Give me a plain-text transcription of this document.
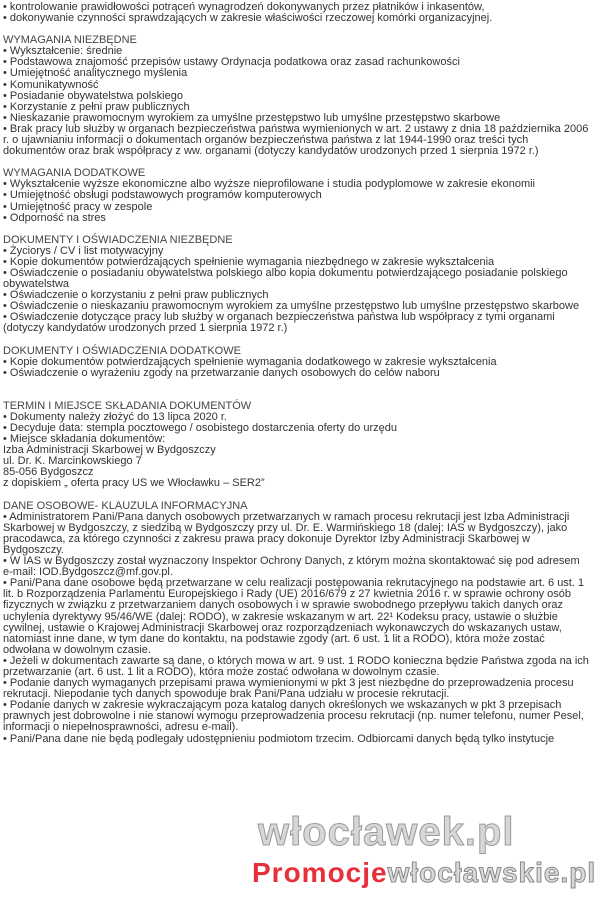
• kontrolowanie prawidłowości potrąceń wynagrodzeń dokonywanych przez płatników i inkasentów,
• dokonywanie czynności sprawdzających w zakresie właściwości rzeczowej komórki organizacyjnej.
WYMAGANIA NIEZBĘDNE
• Wykształcenie: średnie
• Podstawowa znajomość przepisów ustawy Ordynacja podatkowa oraz zasad rachunkowości
• Umiejętność analitycznego myślenia
• Komunikatywność
• Posiadanie obywatelstwa polskiego
• Korzystanie z pełni praw publicznych
• Nieskazanie prawomocnym wyrokiem za umyślne przestępstwo lub umyślne przestępstwo skarbowe
• Brak pracy lub służby w organach bezpieczeństwa państwa wymienionych w art. 2 ustawy z dnia 18 października 2006
r. o ujawnianiu informacji o dokumentach organów bezpieczeństwa państwa z lat 1944-1990 oraz treści tych
dokumentów oraz brak współpracy z ww. organami (dotyczy kandydatów urodzonych przed 1 sierpnia 1972 r.)
WYMAGANIA DODATKOWE
• Wykształcenie wyższe ekonomiczne albo wyższe nieprofilowane i studia podyplomowe w zakresie ekonomii
• Umiejętność obsługi podstawowych programów komputerowych
• Umiejętność pracy w zespole
• Odporność na stres
DOKUMENTY I OŚWIADCZENIA NIEZBĘDNE
• Życiorys / CV i list motywacyjny
• Kopie dokumentów potwierdzających spełnienie wymagania niezbędnego w zakresie wykształcenia
• Oświadczenie o posiadaniu obywatelstwa polskiego albo kopia dokumentu potwierdzającego posiadanie polskiego
obywatelstwa
• Oświadczenie o korzystaniu z pełni praw publicznych
• Oświadczenie o nieskazaniu prawomocnym wyrokiem za umyślne przestępstwo lub umyślne przestępstwo skarbowe
• Oświadczenie dotyczące pracy lub służby w organach bezpieczeństwa państwa lub współpracy z tymi organami
(dotyczy kandydatów urodzonych przed 1 sierpnia 1972 r.)
DOKUMENTY I OŚWIADCZENIA DODATKOWE
• Kopie dokumentów potwierdzających spełnienie wymagania dodatkowego w zakresie wykształcenia
• Oświadczenie o wyrażeniu zgody na przetwarzanie danych osobowych do celów naboru
TERMIN I MIEJSCE SKŁADANIA DOKUMENTÓW
• Dokumenty należy złożyć do 13 lipca 2020 r.
• Decyduje data: stempla pocztowego / osobistego dostarczenia oferty do urzędu
• Miejsce składania dokumentów:
Izba Administracji Skarbowej w Bydgoszczy
ul. Dr. K. Marcinkowskiego 7
85-056 Bydgoszcz
z dopiskiem „ oferta pracy US we Włocławku – SER2”
DANE OSOBOWE- KLAUZULA INFORMACYJNA
• Administratorem Pani/Pana danych osobowych przetwarzanych w ramach procesu rekrutacji jest Izba Administracji
Skarbowej w Bydgoszczy, z siedzibą w Bydgoszczy przy ul. Dr. E. Warmińskiego 18 (dalej: IAS w Bydgoszczy), jako
pracodawca, za którego czynności z zakresu prawa pracy dokonuje Dyrektor Izby Administracji Skarbowej w
Bydgoszczy.
• W IAS w Bydgoszczy został wyznaczony Inspektor Ochrony Danych, z którym można skontaktować się pod adresem
e-mail: IOD.Bydgoszcz@mf.gov.pl.
• Pani/Pana dane osobowe będą przetwarzane w celu realizacji postępowania rekrutacyjnego na podstawie art. 6 ust. 1
lit. b Rozporządzenia Parlamentu Europejskiego i Rady (UE) 2016/679 z 27 kwietnia 2016 r. w sprawie ochrony osób
fizycznych w związku z przetwarzaniem danych osobowych i w sprawie swobodnego przepływu takich danych oraz
uchylenia dyrektywy 95/46/WE (dalej: RODO), w zakresie wskazanym w art. 22¹ Kodeksu pracy, ustawie o służbie
cywilnej, ustawie o Krajowej Administracji Skarbowej oraz rozporządzeniach wykonawczych do wskazanych ustaw,
natomiast inne dane, w tym dane do kontaktu, na podstawie zgody (art. 6 ust. 1 lit a RODO), która może zostać
odwołana w dowolnym czasie.
• Jeżeli w dokumentach zawarte są dane, o których mowa w art. 9 ust. 1 RODO konieczna będzie Państwa zgoda na ich
przetwarzanie (art. 6 ust. 1 lit a RODO), która może zostać odwołana w dowolnym czasie.
• Podanie danych wymaganych przepisami prawa wymienionymi w pkt 3 jest niezbędne do przeprowadzenia procesu
rekrutacji. Niepodanie tych danych spowoduje brak Pani/Pana udziału w procesie rekrutacji.
• Podanie danych w zakresie wykraczającym poza katalog danych określonych we wskazanych w pkt 3 przepisach
prawnych jest dobrowolne i nie stanowi wymogu przeprowadzenia procesu rekrutacji (np. numer telefonu, numer Pesel,
informacji o niepełnosprawności, adresu e-mail).
• Pani/Pana dane nie będą podlegały udostępnieniu podmiotom trzecim. Odbiorcami danych będą tylko instytucje
włocławek.pl
Promocjewłocławskie.pl
